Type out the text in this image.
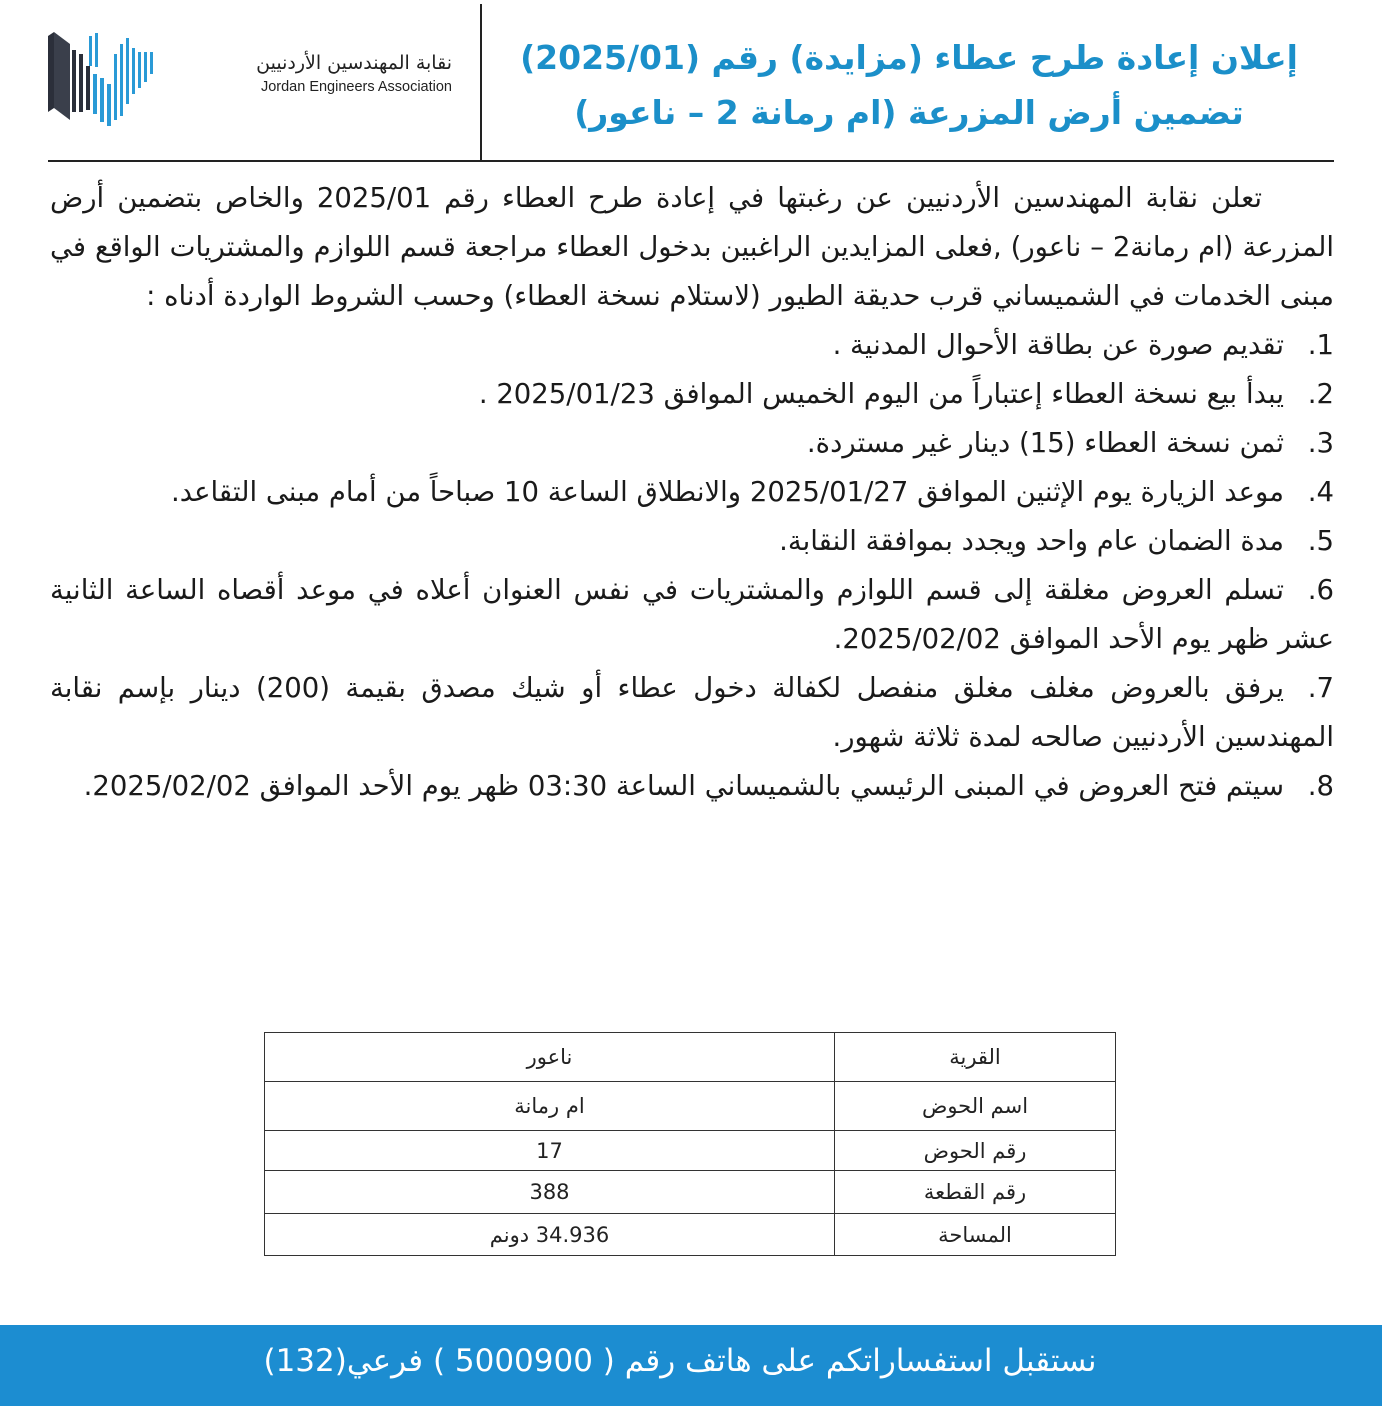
نقابة المهندسين الأردنيين
Jordan Engineers Association
إعلان إعادة طرح عطاء (مزايدة) رقم (2025/01)
تضمين أرض المزرعة (ام رمانة 2 – ناعور)

تعلن نقابة المهندسين الأردنيين عن رغبتها في إعادة طرح العطاء رقم 2025/01 والخاص بتضمين أرض المزرعة (ام رمانة2 – ناعور) ,فعلى المزايدين الراغبين بدخول العطاء مراجعة قسم اللوازم والمشتريات الواقع في مبنى الخدمات في الشميساني قرب حديقة الطيور (لاستلام نسخة العطاء) وحسب الشروط الواردة أدناه :

1.تقديم صورة عن بطاقة الأحوال المدنية .
2.يبدأ بيع نسخة العطاء إعتباراً من اليوم الخميس الموافق 2025/01/23 .
3.ثمن نسخة العطاء (15) دينار غير مستردة.
4.موعد الزيارة يوم الإثنين الموافق 2025/01/27 والانطلاق الساعة 10 صباحاً من أمام مبنى التقاعد.
5.مدة الضمان عام واحد ويجدد بموافقة النقابة.
6.تسلم العروض مغلقة إلى قسم اللوازم والمشتريات في نفس العنوان أعلاه في موعد أقصاه الساعة الثانية عشر ظهر يوم الأحد الموافق 2025/02/02.
7.يرفق بالعروض مغلف مغلق منفصل لكفالة دخول عطاء أو شيك مصدق بقيمة (200) دينار بإسم نقابة المهندسين الأردنيين صالحه لمدة ثلاثة شهور.
8.سيتم فتح العروض في المبنى الرئيسي بالشميساني الساعة 03:30 ظهر يوم الأحد الموافق 2025/02/02.
القرية	ناعور
اسم الحوض	ام رمانة
رقم الحوض	17
رقم القطعة	388
المساحة	34.936 دونم
نستقبل استفساراتكم على هاتف رقم ( 5000900 ) فرعي(132)
